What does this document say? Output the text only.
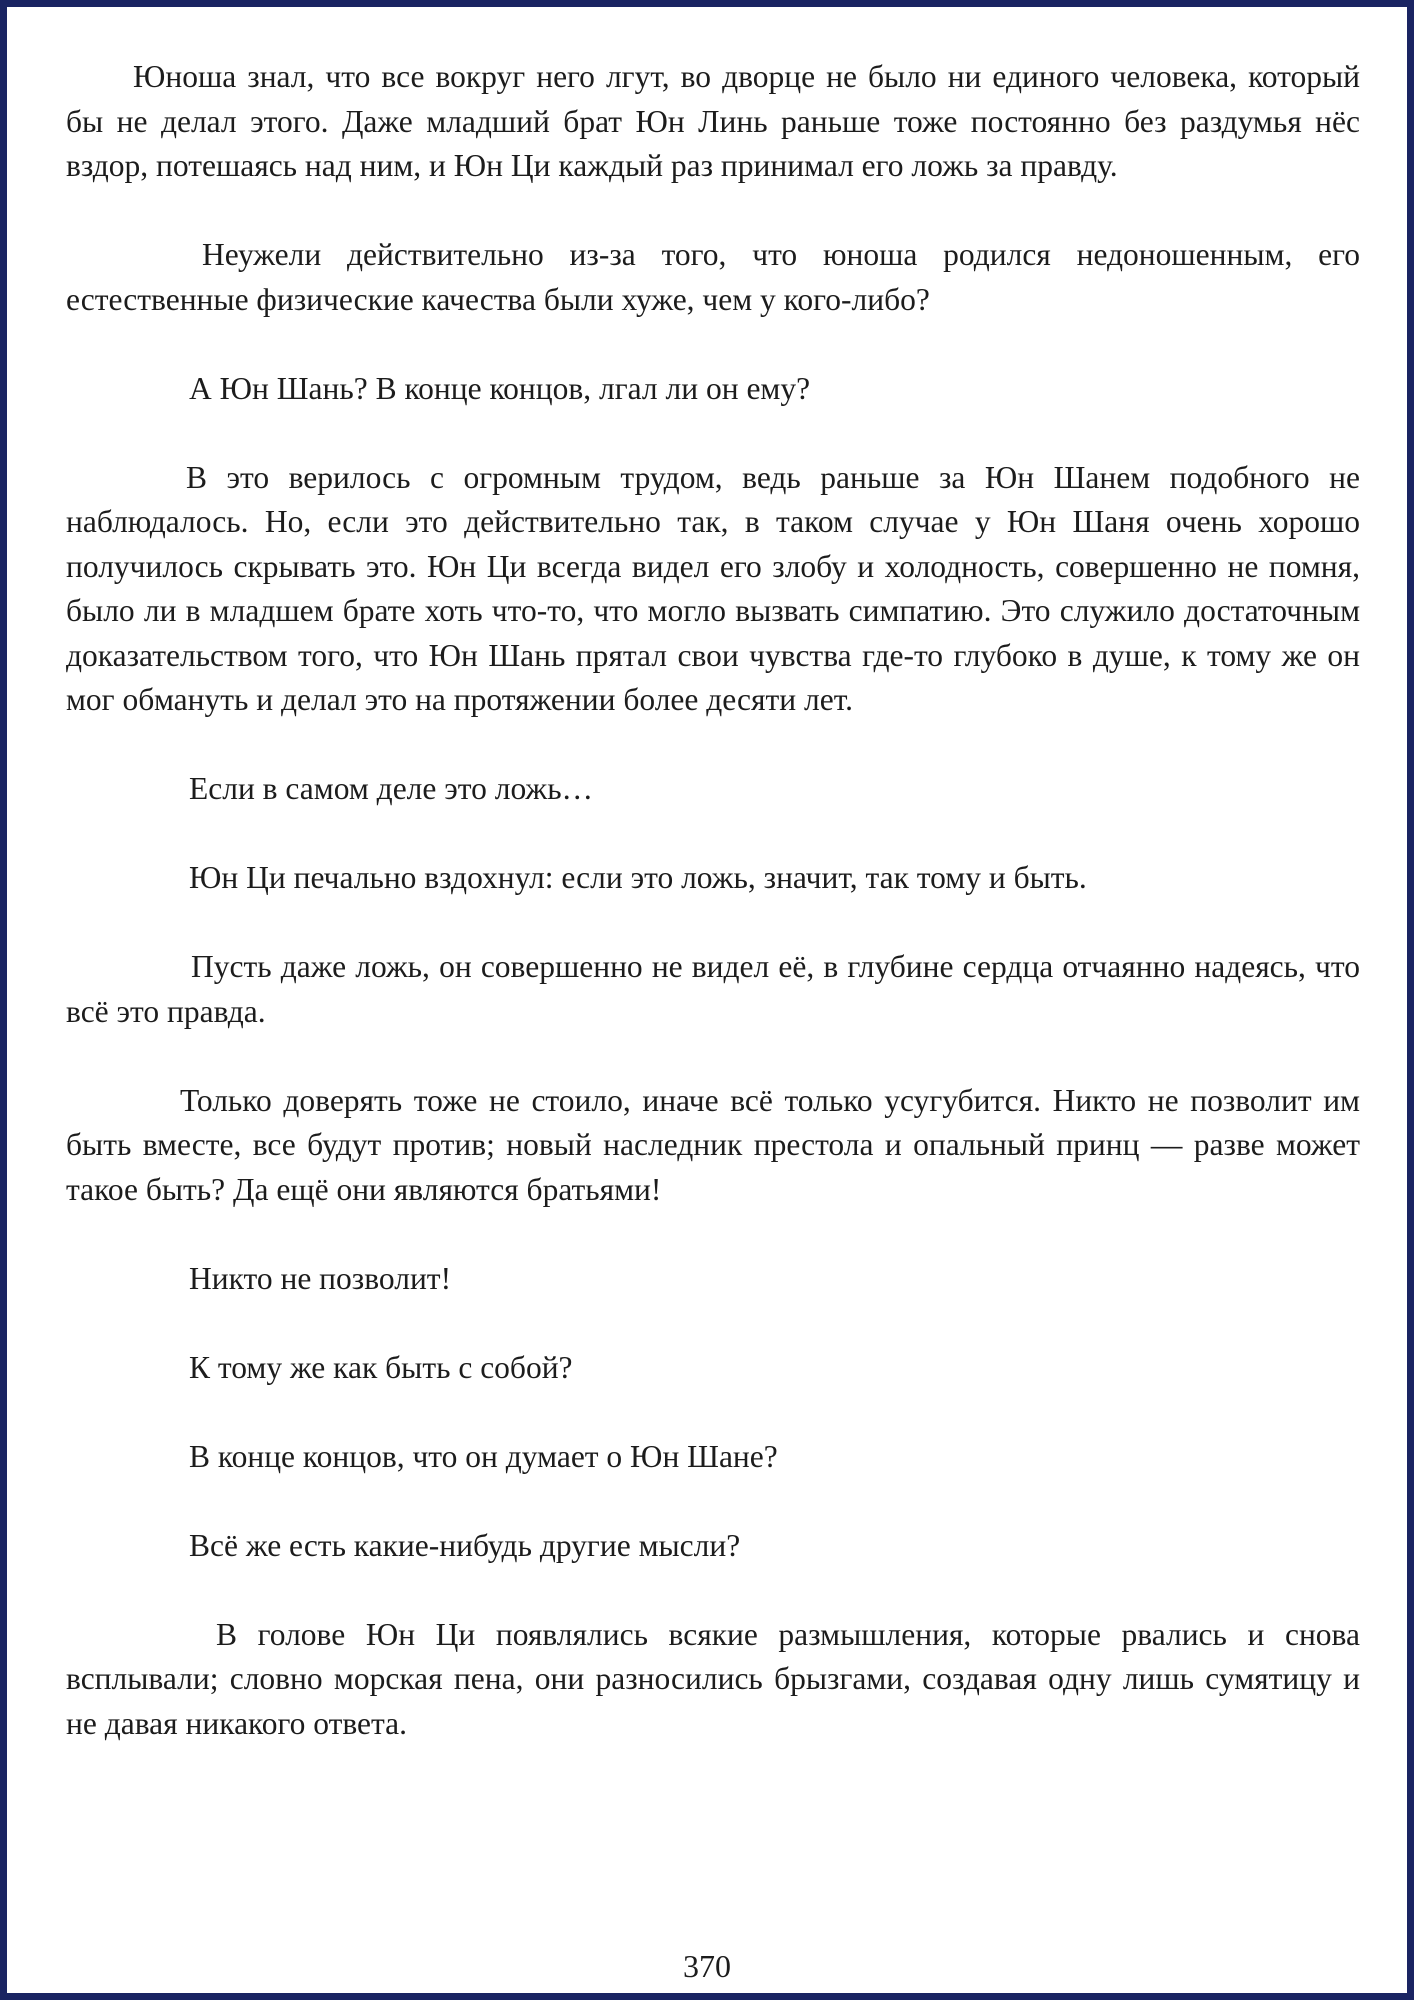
Юноша знал, что все вокруг него лгут, во дворце не было ни единого человека, который бы не делал этого. Даже младший брат Юн Линь раньше тоже постоянно без раздумья нёс вздор, потешаясь над ним, и Юн Ци каждый раз принимал его ложь за правду.

Неужели действительно из-за того, что юноша родился недоношенным, его естественные физические качества были хуже, чем у кого-либо?

А Юн Шань? В конце концов, лгал ли он ему?

В это верилось с огромным трудом, ведь раньше за Юн Шанем подобного не наблюдалось. Но, если это действительно так, в таком случае у Юн Шаня очень хорошо получилось скрывать это. Юн Ци всегда видел его злобу и холодность, совершенно не помня, было ли в младшем брате хоть что-то, что могло вызвать симпатию. Это служило достаточным доказательством того, что Юн Шань прятал свои чувства где-то глубоко в душе, к тому же он мог обмануть и делал это на протяжении более десяти лет.

Если в самом деле это ложь…

Юн Ци печально вздохнул: если это ложь, значит, так тому и быть.

Пусть даже ложь, он совершенно не видел её, в глубине сердца отчаянно надеясь, что всё это правда.

Только доверять тоже не стоило, иначе всё только усугубится. Никто не позволит им быть вместе, все будут против; новый наследник престола и опальный принц — разве может такое быть? Да ещё они являются братьями!

Никто не позволит!

К тому же как быть с собой?

В конце концов, что он думает о Юн Шане?

Всё же есть какие-нибудь другие мысли?

В голове Юн Ци появлялись всякие размышления, которые рвались и снова всплывали; словно морская пена, они разносились брызгами, создавая одну лишь сумятицу и не давая никакого ответа.

370
